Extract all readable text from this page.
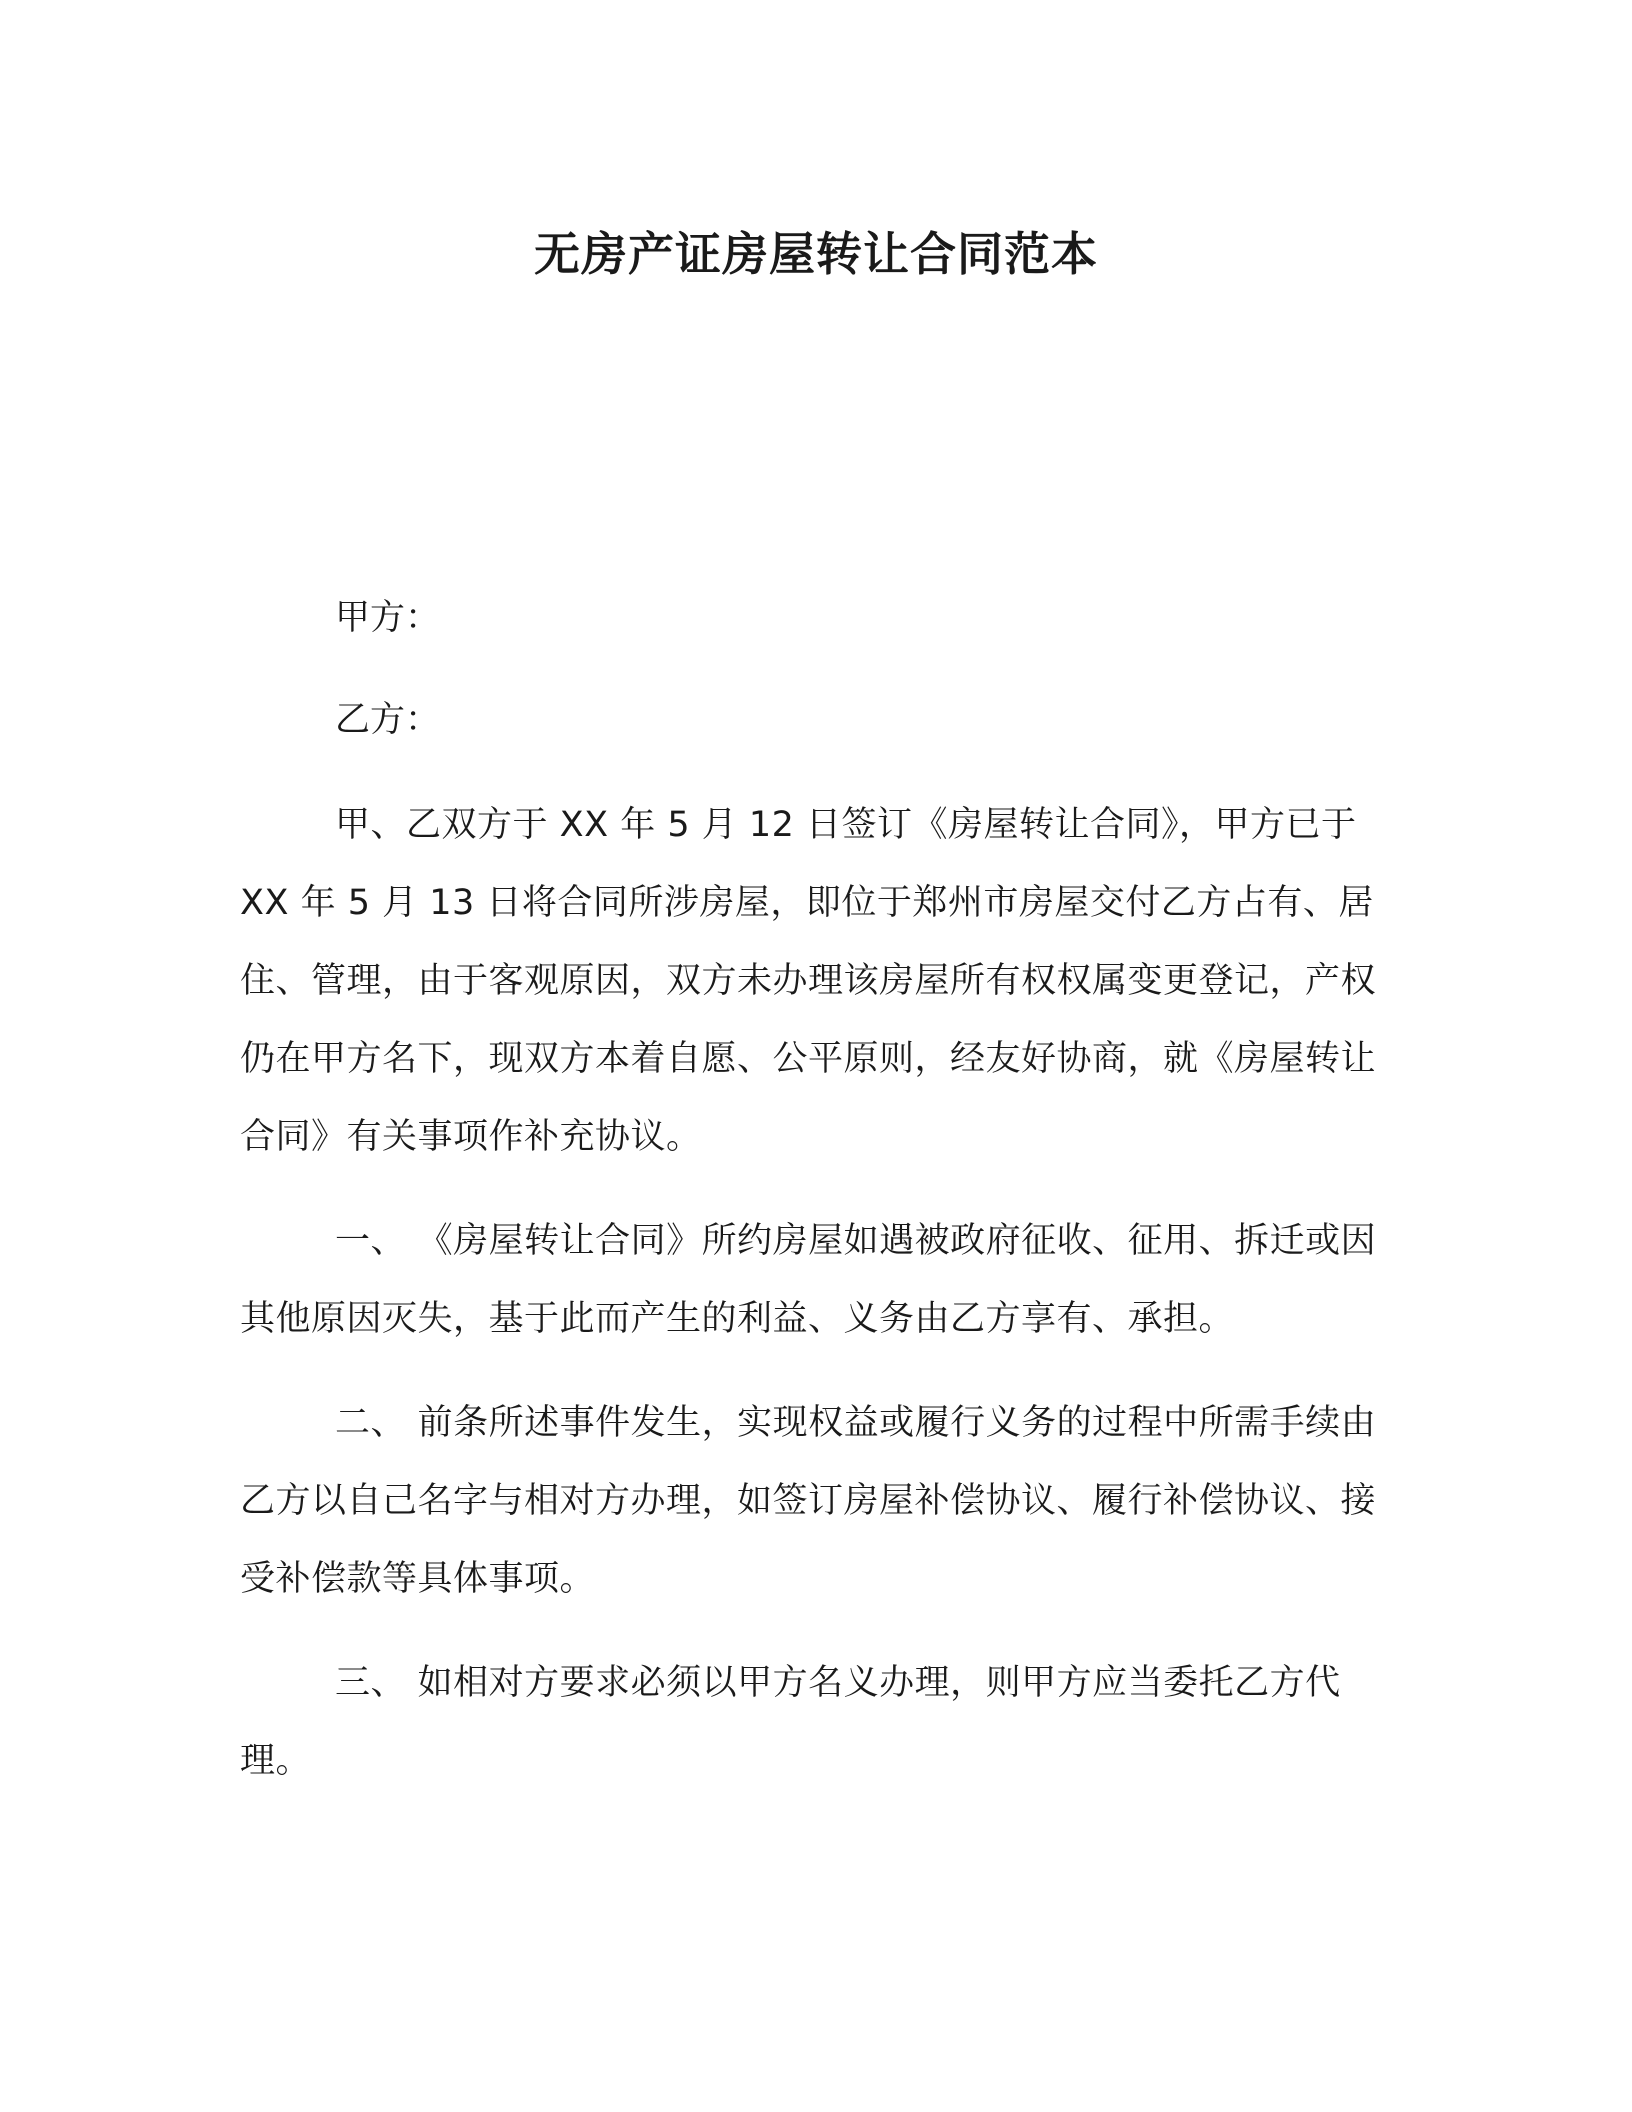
无房产证房屋转让合同范本
甲方：
乙方：

甲、乙双方于 XX 年 5 月 12 日签订《房屋转让合同》，甲方已于 XX 年 5 月 13 日将合同所涉房屋，即位于郑州市房屋交付乙方占有、居住、管理，由于客观原因，双方未办理该房屋所有权权属变更登记，产权仍在甲方名下，现双方本着自愿、公平原则，经友好协商，就《房屋转让合同》有关事项作补充协议。

一、 《房屋转让合同》所约房屋如遇被政府征收、征用、拆迁或因其他原因灭失，基于此而产生的利益、义务由乙方享有、承担。

二、 前条所述事件发生，实现权益或履行义务的过程中所需手续由乙方以自己名字与相对方办理，如签订房屋补偿协议、履行补偿协议、接受补偿款等具体事项。

三、 如相对方要求必须以甲方名义办理，则甲方应当委托乙方代理。
